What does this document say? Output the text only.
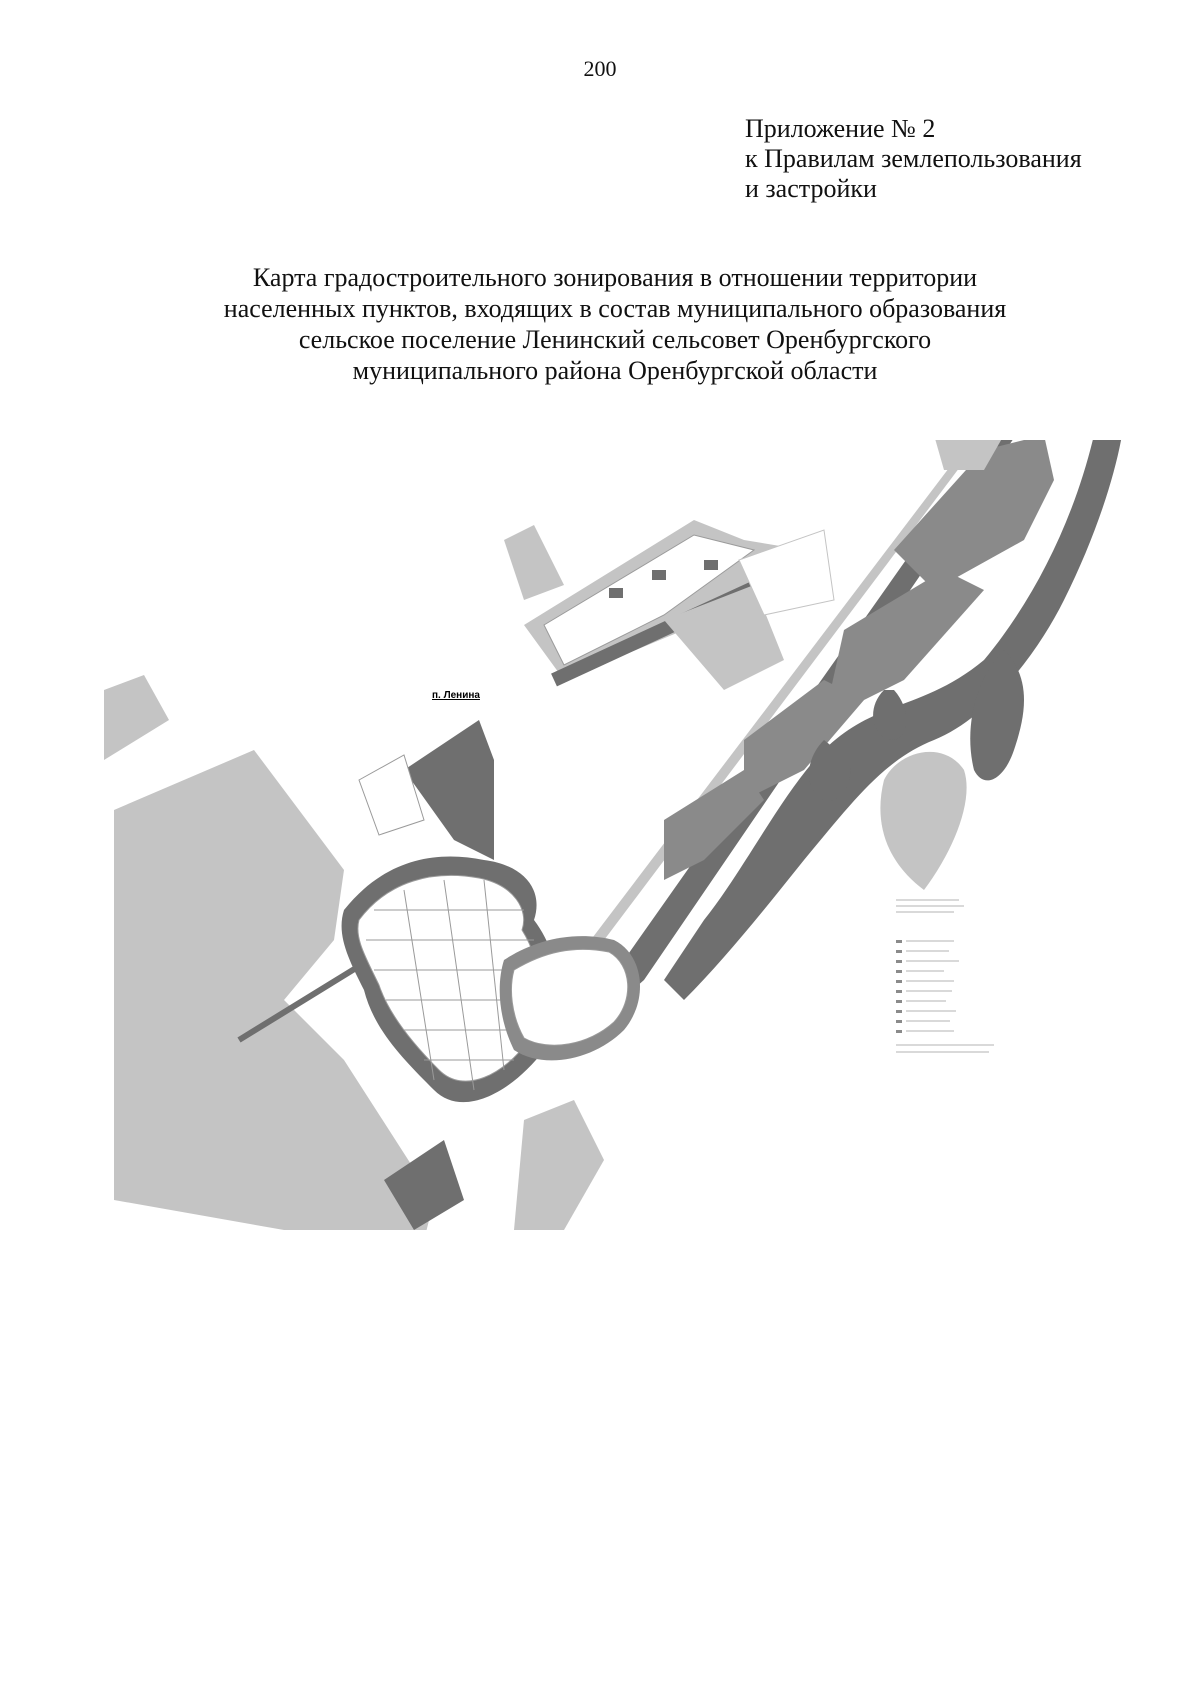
200
Приложение № 2
к Правилам землепользования
и застройки
Карта градостроительного зонирования в отношении территории
населенных пунктов, входящих в состав муниципального образования
сельское поселение Ленинский сельсовет Оренбургского
муниципального района Оренбургской области
п. Ленина
